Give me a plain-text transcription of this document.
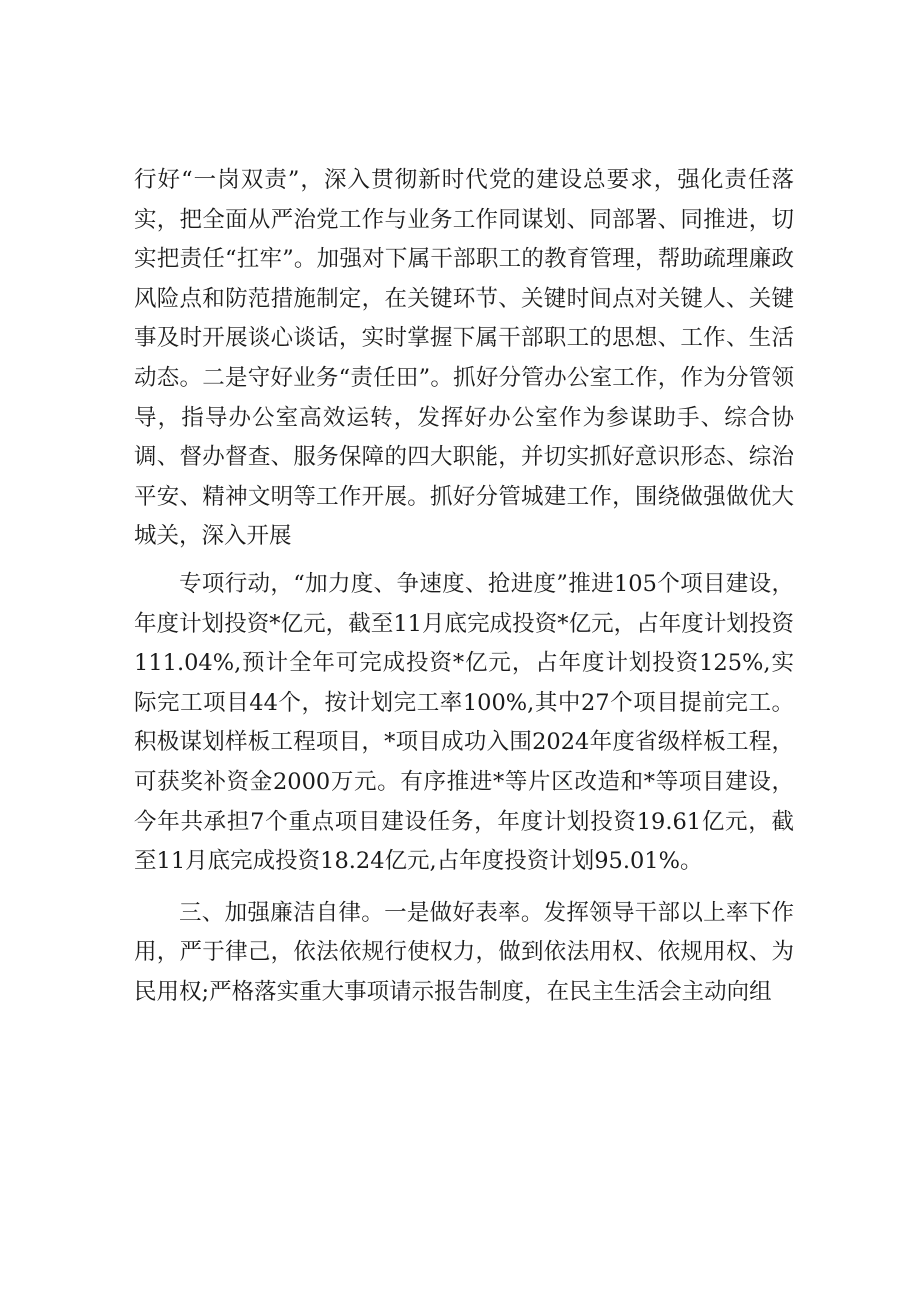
行好“一岗双责”，深入贯彻新时代党的建设总要求，强化责任落实，把全面从严治党工作与业务工作同谋划、同部署、同推进，切实把责任“扛牢”。加强对下属干部职工的教育管理，帮助疏理廉政风险点和防范措施制定，在关键环节、关键时间点对关键人、关键事及时开展谈心谈话，实时掌握下属干部职工的思想、工作、生活动态。二是守好业务“责任田”。抓好分管办公室工作，作为分管领导，指导办公室高效运转，发挥好办公室作为参谋助手、综合协调、督办督查、服务保障的四大职能，并切实抓好意识形态、综治平安、精神文明等工作开展。抓好分管城建工作，围绕做强做优大城关，深入开展

专项行动，“加力度、争速度、抢进度”推进105个项目建设，年度计划投资*亿元，截至11月底完成投资*亿元，占年度计划投资111.04%,预计全年可完成投资*亿元，占年度计划投资125%,实际完工项目44个，按计划完工率100%,其中27个项目提前完工。积极谋划样板工程项目，*项目成功入围2024年度省级样板工程，可获奖补资金2000万元。有序推进*等片区改造和*等项目建设，今年共承担7个重点项目建设任务，年度计划投资19.61亿元，截至11月底完成投资18.24亿元,占年度投资计划95.01%。

三、加强廉洁自律。一是做好表率。发挥领导干部以上率下作用，严于律己，依法依规行使权力，做到依法用权、依规用权、为民用权;严格落实重大事项请示报告制度，在民主生活会主动向组
